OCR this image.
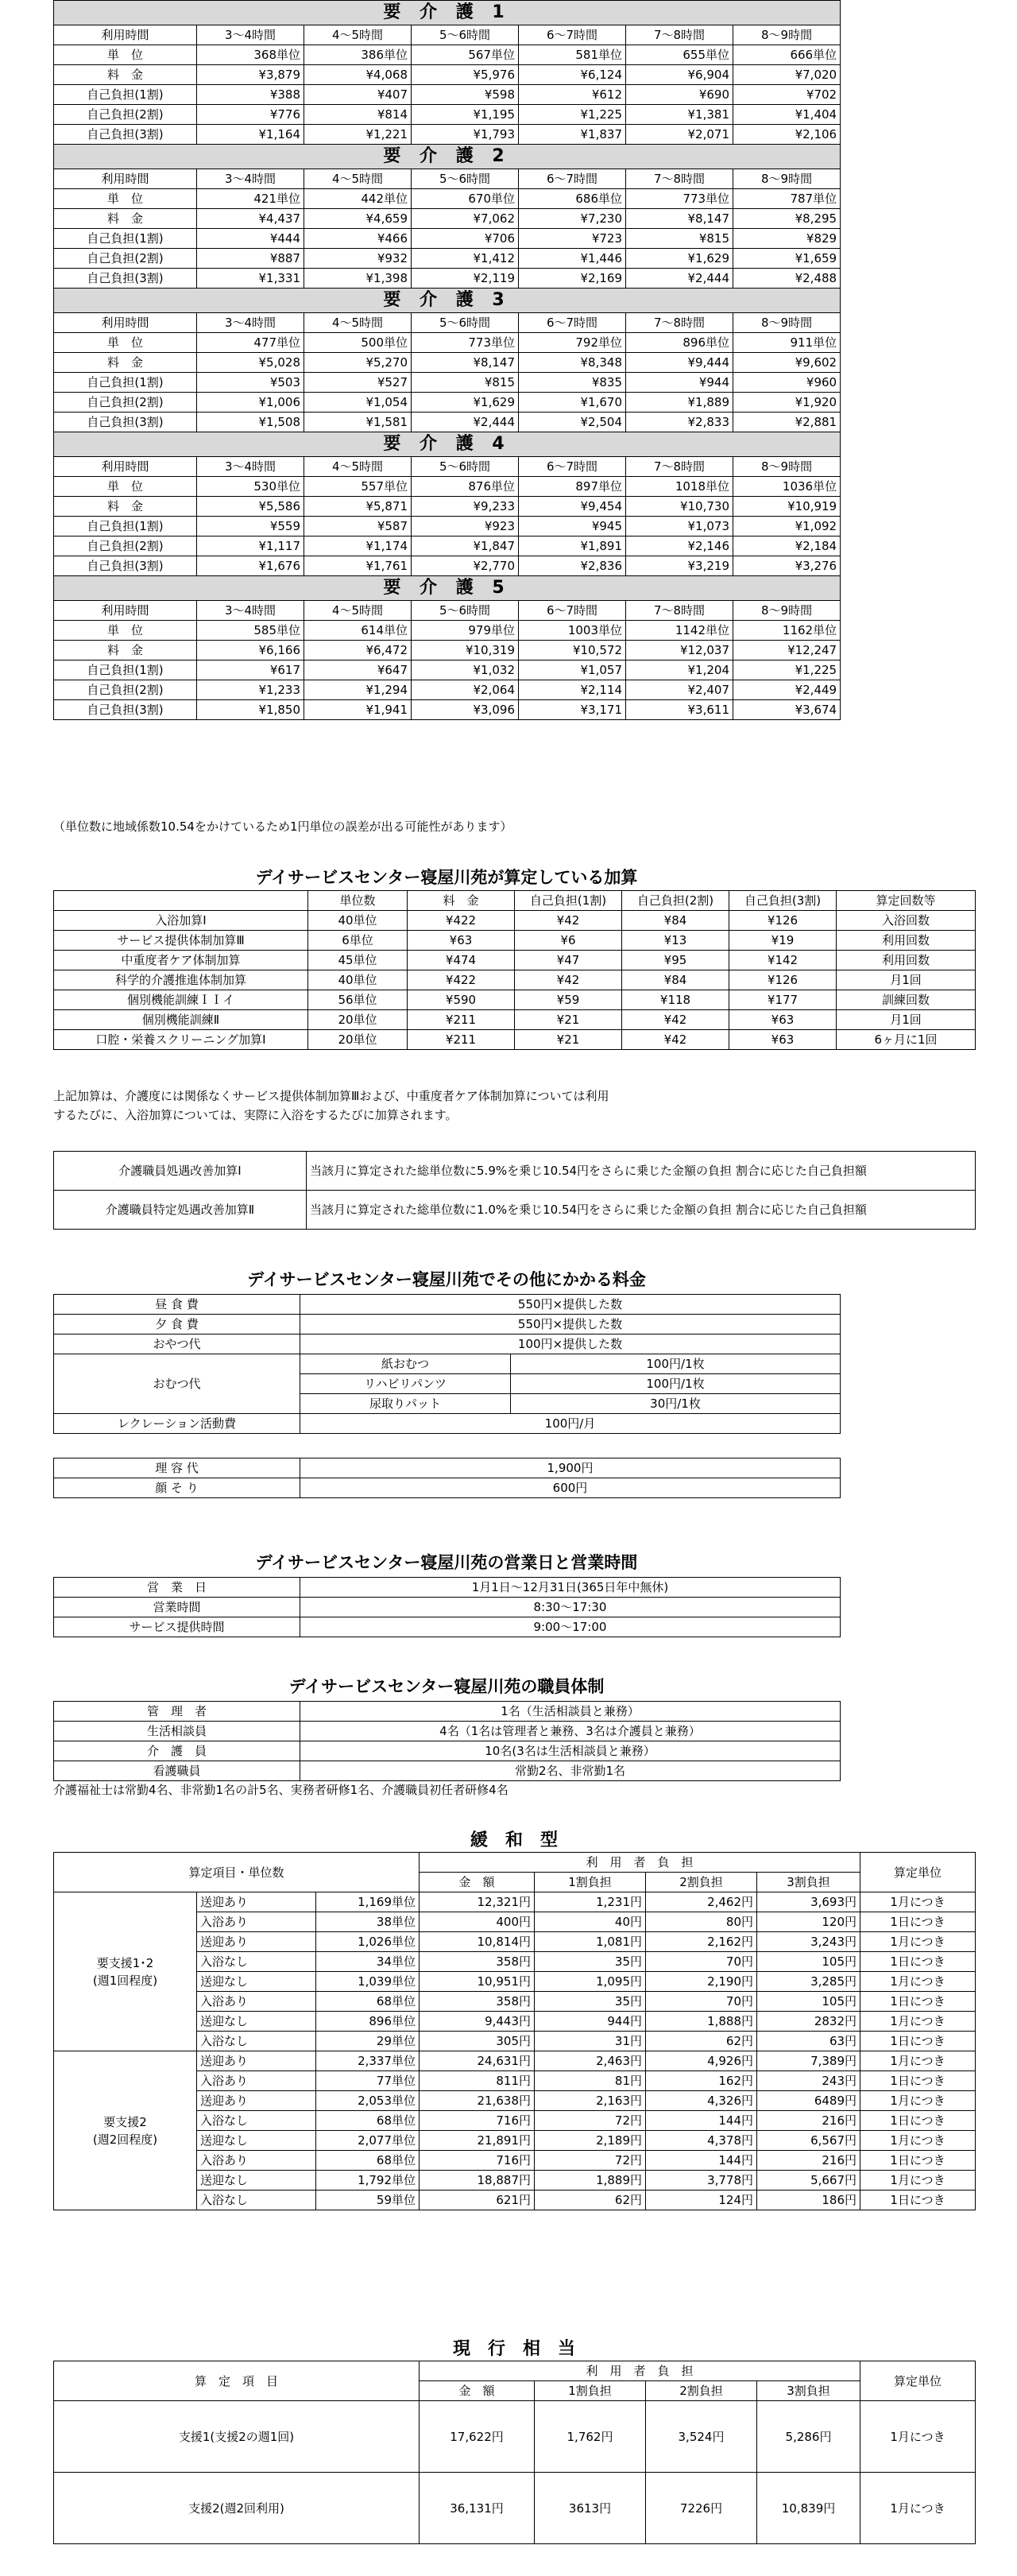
要 介 護 1						
利用時間	3～4時間	4～5時間	5～6時間	6～7時間	7～8時間	8～9時間
単　位	368単位	386単位	567単位	581単位	655単位	666単位
料　金	¥3,879	¥4,068	¥5,976	¥6,124	¥6,904	¥7,020
自己負担(1割)	¥388	¥407	¥598	¥612	¥690	¥702
自己負担(2割)	¥776	¥814	¥1,195	¥1,225	¥1,381	¥1,404
自己負担(3割)	¥1,164	¥1,221	¥1,793	¥1,837	¥2,071	¥2,106
要 介 護 2						
利用時間	3～4時間	4～5時間	5～6時間	6～7時間	7～8時間	8～9時間
単　位	421単位	442単位	670単位	686単位	773単位	787単位
料　金	¥4,437	¥4,659	¥7,062	¥7,230	¥8,147	¥8,295
自己負担(1割)	¥444	¥466	¥706	¥723	¥815	¥829
自己負担(2割)	¥887	¥932	¥1,412	¥1,446	¥1,629	¥1,659
自己負担(3割)	¥1,331	¥1,398	¥2,119	¥2,169	¥2,444	¥2,488
要 介 護 3						
利用時間	3～4時間	4～5時間	5～6時間	6～7時間	7～8時間	8～9時間
単　位	477単位	500単位	773単位	792単位	896単位	911単位
料　金	¥5,028	¥5,270	¥8,147	¥8,348	¥9,444	¥9,602
自己負担(1割)	¥503	¥527	¥815	¥835	¥944	¥960
自己負担(2割)	¥1,006	¥1,054	¥1,629	¥1,670	¥1,889	¥1,920
自己負担(3割)	¥1,508	¥1,581	¥2,444	¥2,504	¥2,833	¥2,881
要 介 護 4						
利用時間	3～4時間	4～5時間	5～6時間	6～7時間	7～8時間	8～9時間
単　位	530単位	557単位	876単位	897単位	1018単位	1036単位
料　金	¥5,586	¥5,871	¥9,233	¥9,454	¥10,730	¥10,919
自己負担(1割)	¥559	¥587	¥923	¥945	¥1,073	¥1,092
自己負担(2割)	¥1,117	¥1,174	¥1,847	¥1,891	¥2,146	¥2,184
自己負担(3割)	¥1,676	¥1,761	¥2,770	¥2,836	¥3,219	¥3,276
要 介 護 5						
利用時間	3～4時間	4～5時間	5～6時間	6～7時間	7～8時間	8～9時間
単　位	585単位	614単位	979単位	1003単位	1142単位	1162単位
料　金	¥6,166	¥6,472	¥10,319	¥10,572	¥12,037	¥12,247
自己負担(1割)	¥617	¥647	¥1,032	¥1,057	¥1,204	¥1,225
自己負担(2割)	¥1,233	¥1,294	¥2,064	¥2,114	¥2,407	¥2,449
自己負担(3割)	¥1,850	¥1,941	¥3,096	¥3,171	¥3,611	¥3,674
（単位数に地域係数10.54をかけているため1円単位の誤差が出る可能性があります）
デイサービスセンター寝屋川苑が算定している加算
	単位数	料　金	自己負担(1割)	自己負担(2割)	自己負担(3割)	算定回数等
入浴加算Ⅰ	40単位	¥422	¥42	¥84	¥126	入浴回数
サービス提供体制加算Ⅲ	6単位	¥63	¥6	¥13	¥19	利用回数
中重度者ケア体制加算	45単位	¥474	¥47	¥95	¥142	利用回数
科学的介護推進体制加算	40単位	¥422	¥42	¥84	¥126	月1回
個別機能訓練ＩＩイ	56単位	¥590	¥59	¥118	¥177	訓練回数
個別機能訓練Ⅱ	20単位	¥211	¥21	¥42	¥63	月1回
口腔・栄養スクリーニング加算Ⅰ	20単位	¥211	¥21	¥42	¥63	6ヶ月に1回
上記加算は、介護度には関係なくサービス提供体制加算Ⅲおよび、中重度者ケア体制加算については利用
するたびに、入浴加算については、実際に入浴をするたびに加算されます。
介護職員処遇改善加算Ⅰ	当該月に算定された総単位数に5.9%を乗じ10.54円をさらに乗じた金額の負担 割合に応じた自己負担額
介護職員特定処遇改善加算Ⅱ	当該月に算定された総単位数に1.0%を乗じ10.54円をさらに乗じた金額の負担 割合に応じた自己負担額
デイサービスセンター寝屋川苑でその他にかかる料金
昼 食 費	550円×提供した数	
夕 食 費	550円×提供した数	
おやつ代	100円×提供した数	
おむつ代	紙おむつ	100円/1枚
	リハビリパンツ	100円/1枚
	尿取りパット	30円/1枚
レクレーション活動費	100円/月	
理 容 代	1,900円
顔 そ り	600円
デイサービスセンター寝屋川苑の営業日と営業時間
営　業　日	1月1日～12月31日(365日年中無休)
営業時間	8:30～17:30
サービス提供時間	9:00～17:00
デイサービスセンター寝屋川苑の職員体制
管　理　者	1名（生活相談員と兼務）
生活相談員	4名（1名は管理者と兼務、3名は介護員と兼務）
介　護　員	10名(3名は生活相談員と兼務）
看護職員	常勤2名、非常勤1名
介護福祉士は常勤4名、非常勤1名の計5名、実務者研修1名、介護職員初任者研修4名
緩　和　型
算定項目・単位数			利　用　者　負　担				算定単位
			金　額	1割負担	2割負担	3割負担	

要支援1･2
(週1回程度)	送迎あり	1,169単位	12,321円	1,231円	2,462円	3,693円	1月につき
	入浴あり	38単位	400円	40円	80円	120円	1日につき
	送迎あり	1,026単位	10,814円	1,081円	2,162円	3,243円	1月につき
	入浴なし	34単位	358円	35円	70円	105円	1日につき
	送迎なし	1,039単位	10,951円	1,095円	2,190円	3,285円	1月につき
	入浴あり	68単位	358円	35円	70円	105円	1日につき
	送迎なし	896単位	9,443円	944円	1,888円	2832円	1月につき
	入浴なし	29単位	305円	31円	62円	63円	1日につき

要支援2
(週2回程度)	送迎あり	2,337単位	24,631円	2,463円	4,926円	7,389円	1月につき
	入浴あり	77単位	811円	81円	162円	243円	1日につき
	送迎あり	2,053単位	21,638円	2,163円	4,326円	6489円	1月につき
	入浴なし	68単位	716円	72円	144円	216円	1日につき
	送迎なし	2,077単位	21,891円	2,189円	4,378円	6,567円	1月につき
	入浴あり	68単位	716円	72円	144円	216円	1日につき
	送迎なし	1,792単位	18,887円	1,889円	3,778円	5,667円	1月につき
	入浴なし	59単位	621円	62円	124円	186円	1日につき
現　行　相　当
算　定　項　目	利　用　者　負　担				算定単位
	金　額	1割負担	2割負担	3割負担	
支援1(支援2の週1回)	17,622円	1,762円	3,524円	5,286円	1月につき
支援2(週2回利用)	36,131円	3613円	7226円	10,839円	1月につき
